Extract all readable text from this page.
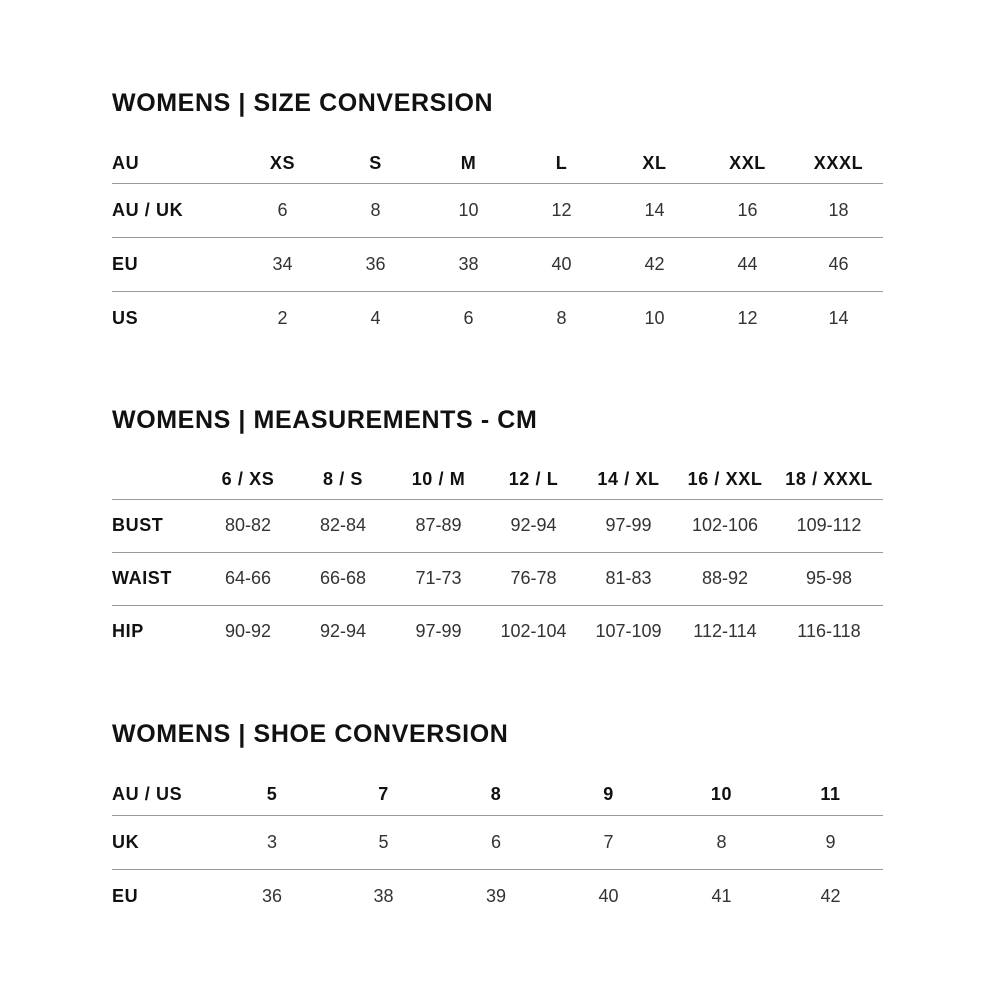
WOMENS | SIZE CONVERSION
AU	XS	S	M	L	XL	XXL	XXXL
AU / UK	6	8	10	12	14	16	18
EU	34	36	38	40	42	44	46
US	2	4	6	8	10	12	14
WOMENS | MEASUREMENTS - CM
	6 / XS	8 / S	10 / M	12 / L	14 / XL	16 / XXL	18 / XXXL
BUST	80-82	82-84	87-89	92-94	97-99	102-106	109-112
WAIST	64-66	66-68	71-73	76-78	81-83	88-92	95-98
HIP	90-92	92-94	97-99	102-104	107-109	112-114	116-118
WOMENS | SHOE CONVERSION
AU / US	5	7	8	9	10	11
UK	3	5	6	7	8	9
EU	36	38	39	40	41	42
